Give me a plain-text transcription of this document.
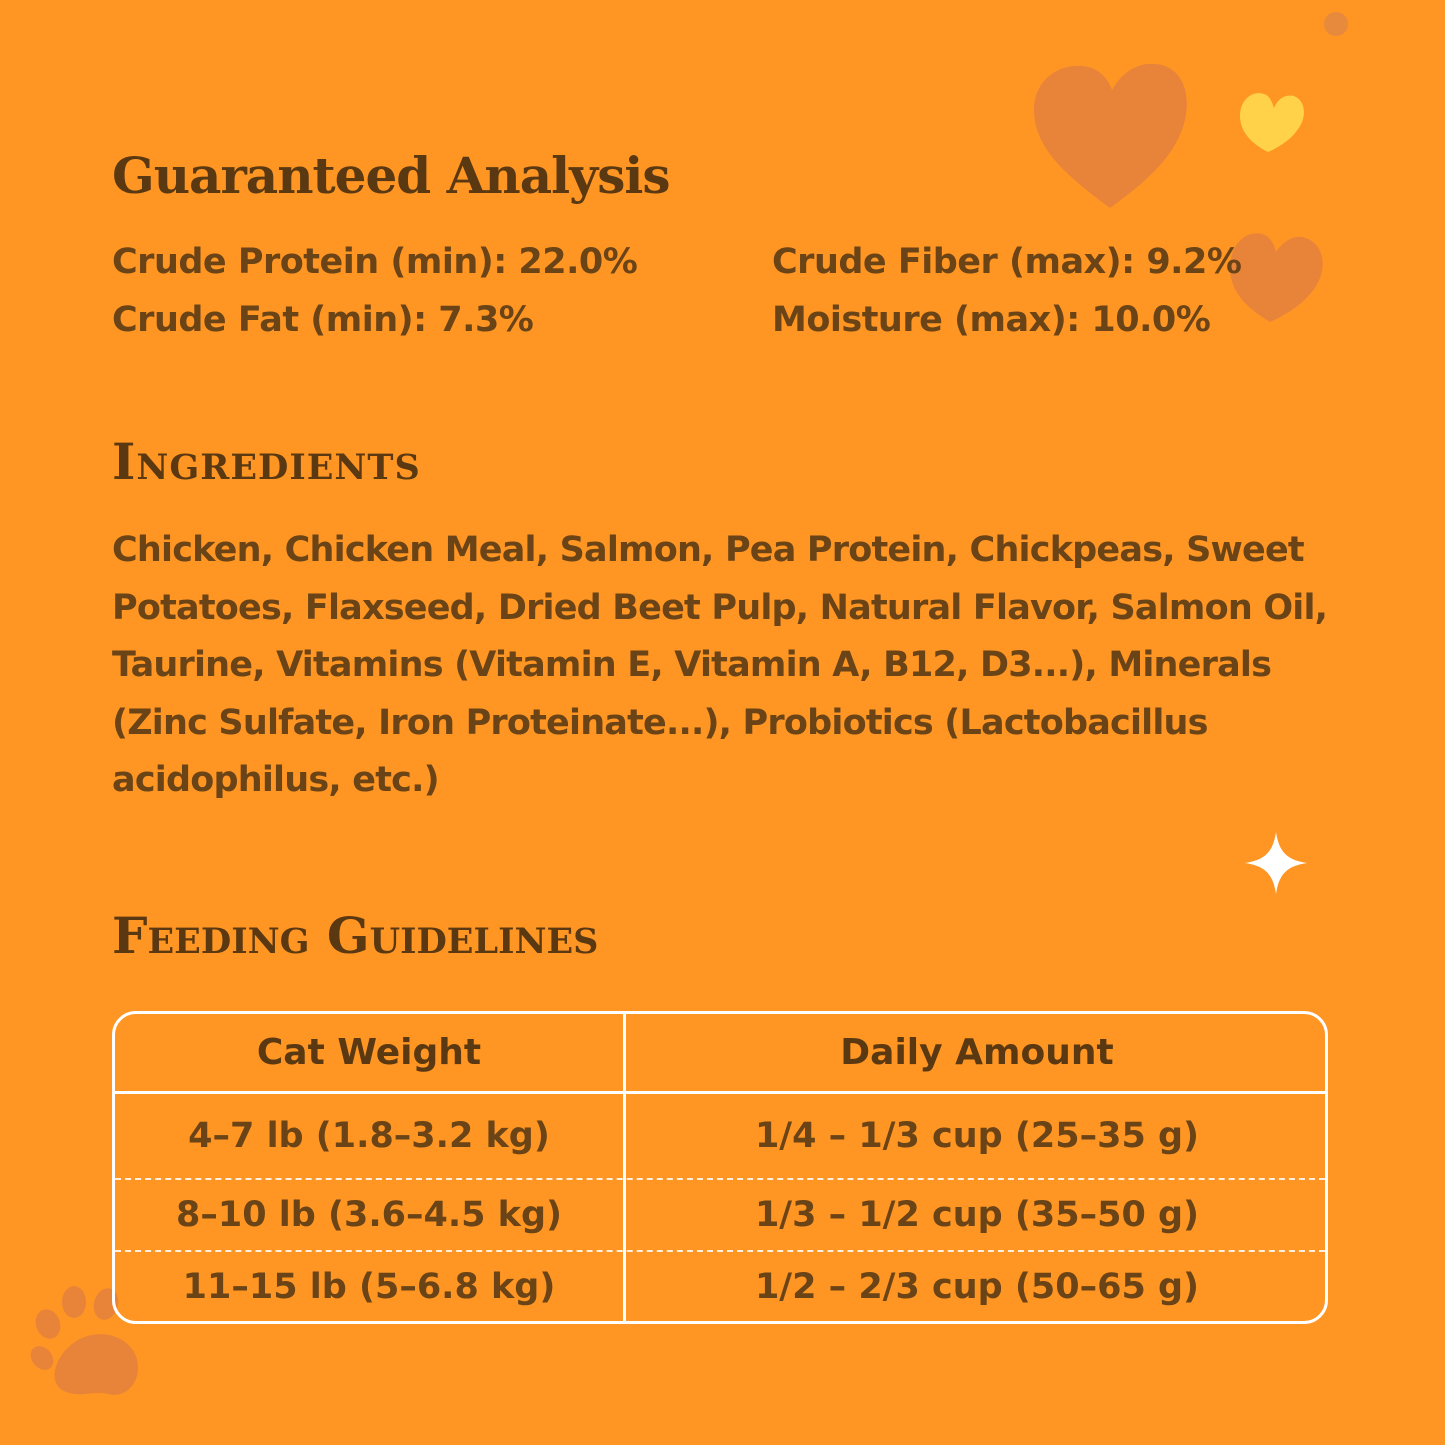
Guaranteed Analysis
Crude Protein (min): 22.0%
Crude Fat (min): 7.3%
Crude Fiber (max): 9.2%
Moisture (max): 10.0%
Ingredients

Chicken, Chicken Meal, Salmon, Pea Protein, Chickpeas, Sweet Potatoes, Flaxseed, Dried Beet Pulp, Natural Flavor, Salmon Oil, Taurine, Vitamins (Vitamin E, Vitamin A, B12, D3...), Minerals (Zinc Sulfate, Iron Proteinate...), Probiotics (Lactobacillus acidophilus, etc.)

Feeding Guidelines
Cat Weight	Daily Amount
4–7 lb (1.8–3.2 kg)	1/4 – 1/3 cup (25–35 g)
8–10 lb (3.6–4.5 kg)	1/3 – 1/2 cup (35–50 g)
11–15 lb (5–6.8 kg)	1/2 – 2/3 cup (50–65 g)
